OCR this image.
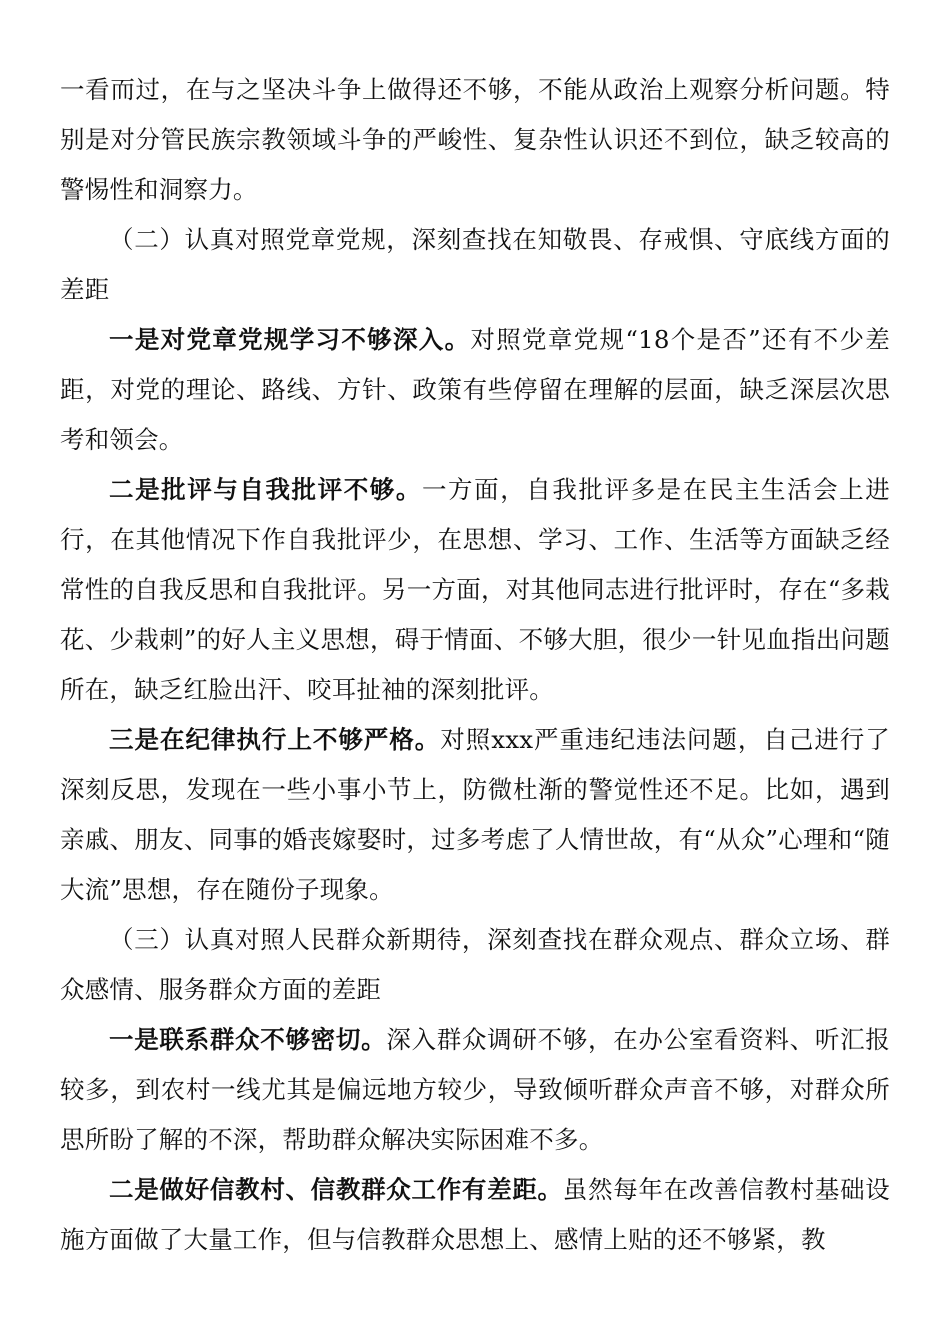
一看而过，在与之坚决斗争上做得还不够，不能从政治上观察分析问题。特别是对分管民族宗教领域斗争的严峻性、复杂性认识还不到位，缺乏较高的警惕性和洞察力。

（二）认真对照党章党规，深刻查找在知敬畏、存戒惧、守底线方面的差距

一是对党章党规学习不够深入。对照党章党规“18个是否”还有不少差距，对党的理论、路线、方针、政策有些停留在理解的层面，缺乏深层次思考和领会。

二是批评与自我批评不够。一方面，自我批评多是在民主生活会上进行，在其他情况下作自我批评少，在思想、学习、工作、生活等方面缺乏经常性的自我反思和自我批评。另一方面，对其他同志进行批评时，存在“多栽花、少栽刺”的好人主义思想，碍于情面、不够大胆，很少一针见血指出问题所在，缺乏红脸出汗、咬耳扯袖的深刻批评。

三是在纪律执行上不够严格。对照xxx严重违纪违法问题，自己进行了深刻反思，发现在一些小事小节上，防微杜渐的警觉性还不足。比如，遇到亲戚、朋友、同事的婚丧嫁娶时，过多考虑了人情世故，有“从众”心理和“随大流”思想，存在随份子现象。

（三）认真对照人民群众新期待，深刻查找在群众观点、群众立场、群众感情、服务群众方面的差距

一是联系群众不够密切。深入群众调研不够，在办公室看资料、听汇报较多，到农村一线尤其是偏远地方较少，导致倾听群众声音不够，对群众所思所盼了解的不深，帮助群众解决实际困难不多。

二是做好信教村、信教群众工作有差距。虽然每年在改善信教村基础设施方面做了大量工作，但与信教群众思想上、感情上贴的还不够紧，教
